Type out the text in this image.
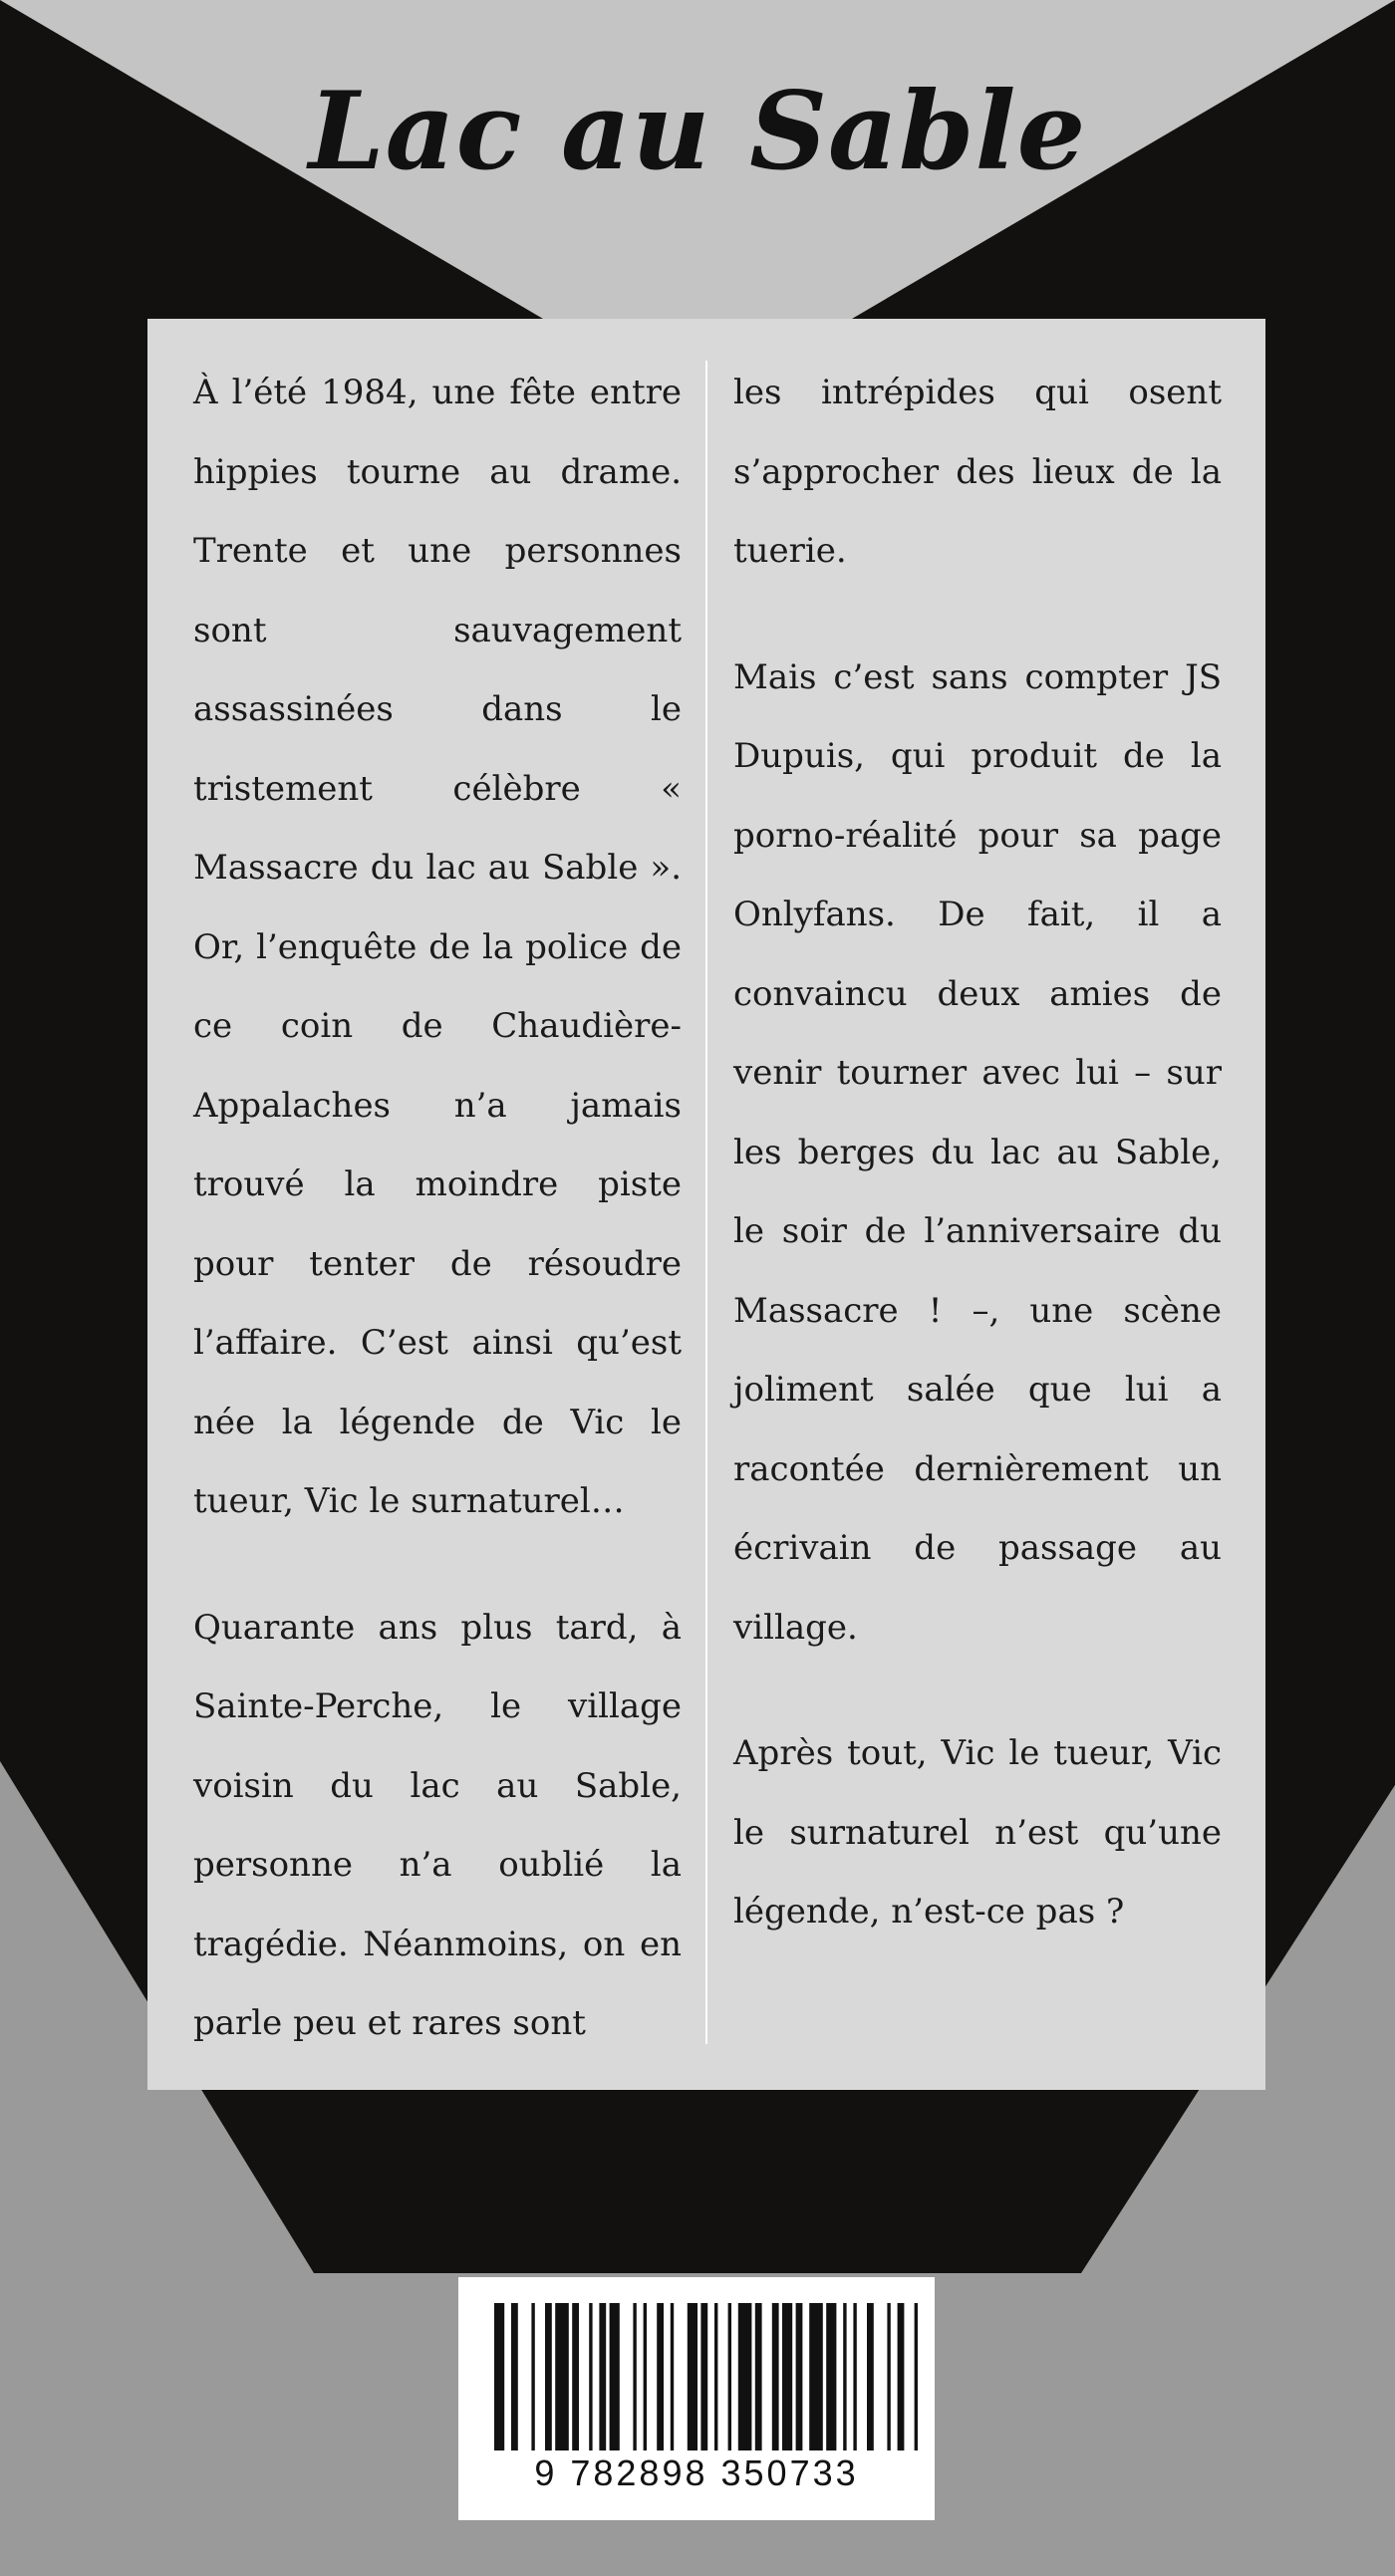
Lac au Sable

À l’été 1984, une fête entre hippies tourne au drame. Trente et une personnes sont sauvagement assassinées dans le tristement célèbre « Massacre du lac au Sable ». Or, l’enquête de la police de ce coin de Chaudière-Appalaches n’a jamais trouvé la moindre piste pour tenter de résoudre l’affaire. C’est ainsi qu’est née la légende de Vic le tueur, Vic le surnaturel…

Quarante ans plus tard, à Sainte-Perche, le village voisin du lac au Sable, personne n’a oublié la tragédie. Néanmoins, on en parle peu et rares sont

les intrépides qui osent s’approcher des lieux de la tuerie.

Mais c’est sans compter JS Dupuis, qui produit de la porno-réalité pour sa page Onlyfans. De fait, il a convaincu deux amies de venir tourner avec lui – sur les berges du lac au Sable, le soir de l’anniversaire du Massacre ! –, une scène joliment salée que lui a racontée dernièrement un écrivain de passage au village.

Après tout, Vic le tueur, Vic le surnaturel n’est qu’une légende, n’est-ce pas ?

9 782898 350733
